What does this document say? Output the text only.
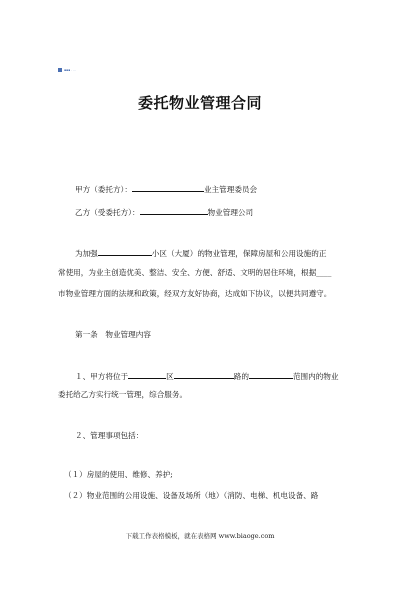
▪▪▪ · ···
委托物业管理合同
甲方（委托方）：	业主管理委员会
乙方（受委托方）：	物业管理公司
为加强	小区（大厦）的物业管理，保障房屋和公用设施的正
常使用，为业主创造优美、整洁、安全、方便、舒适、文明的居住环境，根据____
市物业管理方面的法规和政策，经双方友好协商，达成如下协议，以便共同遵守。
第一条　物业管理内容
１、甲方将位于	区	路的	范围内的物业
委托给乙方实行统一管理，综合服务。
２、管理事项包括：
（１）房屋的使用、维修、养护;
（２）物业范围的公用设施、设备及场所（地）（消防、电梯、机电设备、路
下载工作表格模板，就在表格网 www.biaoge.com
